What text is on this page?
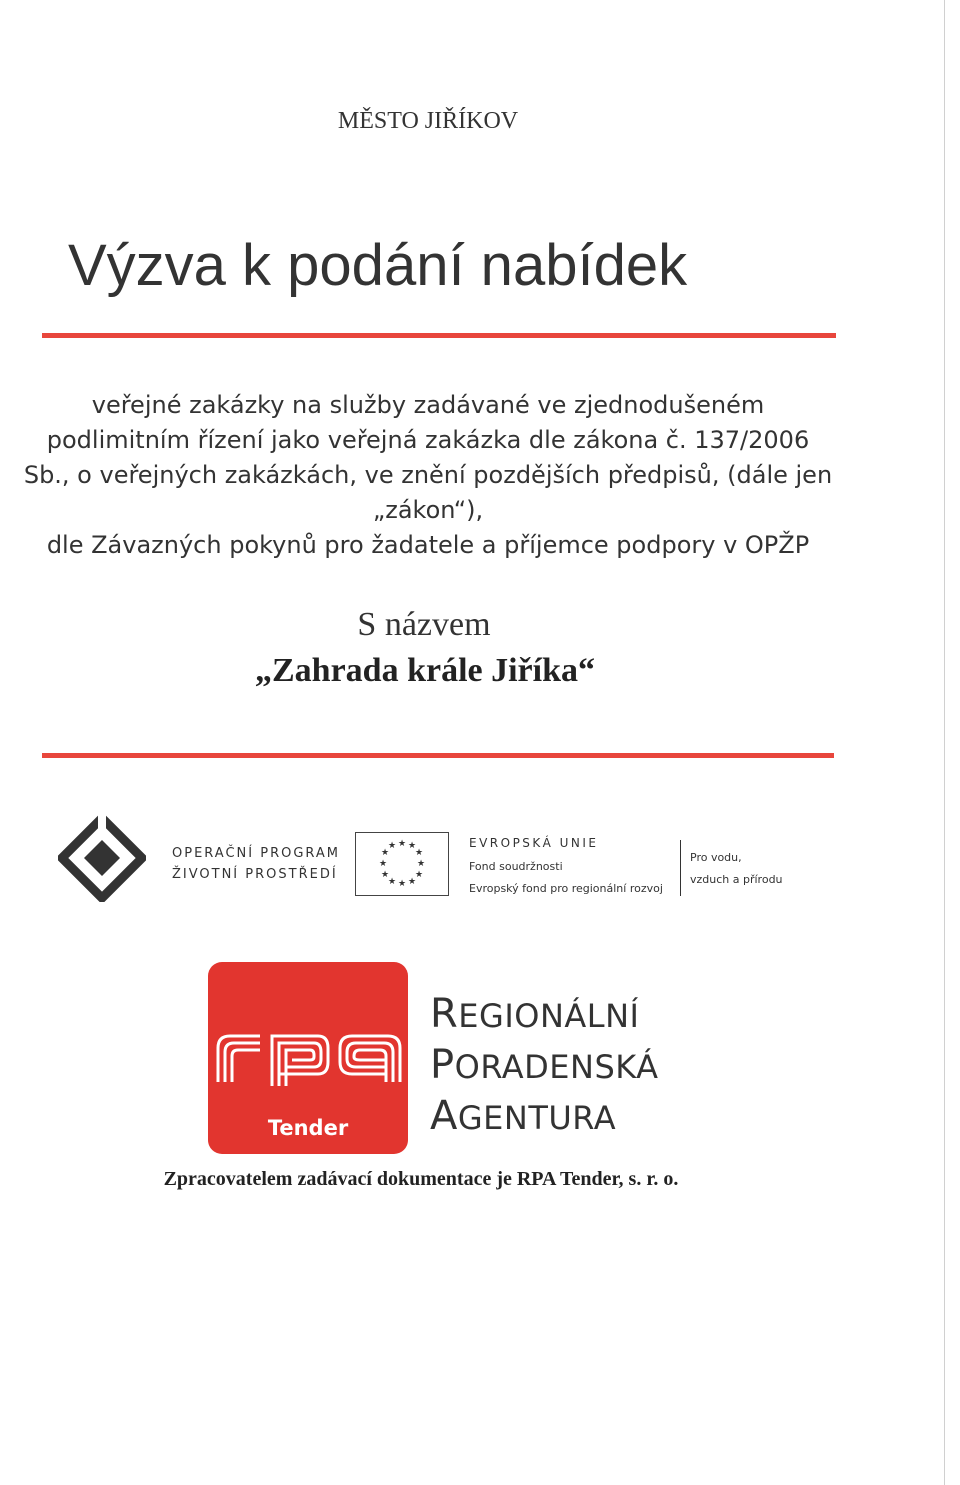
MĚSTO JIŘÍKOV
Výzva k podání nabídek
veřejné zakázky na služby zadávané ve zjednodušeném
podlimitním řízení jako veřejná zakázka dle zákona č. 137/2006
Sb., o veřejných zakázkách, ve znění pozdějších předpisů, (dále jen
„zákon“),
dle Závazných pokynů pro žadatele a příjemce podpory v OPŽP
S názvem
„Zahrada krále Jiříka“
OPERAČNÍ PROGRAM
ŽIVOTNÍ PROSTŘEDÍ
★ ★
★
★
★
★
★
★
★
★
★
★	EVROPSKÁ UNIE
Fond soudržnosti
Evropský fond pro regionální rozvoj
Pro vodu,
vzduch a přírodu
Tender
REGIONÁLNÍ
PORADENSKÁ
AGENTURA
Zpracovatelem zadávací dokumentace je RPA Tender, s. r. o.
